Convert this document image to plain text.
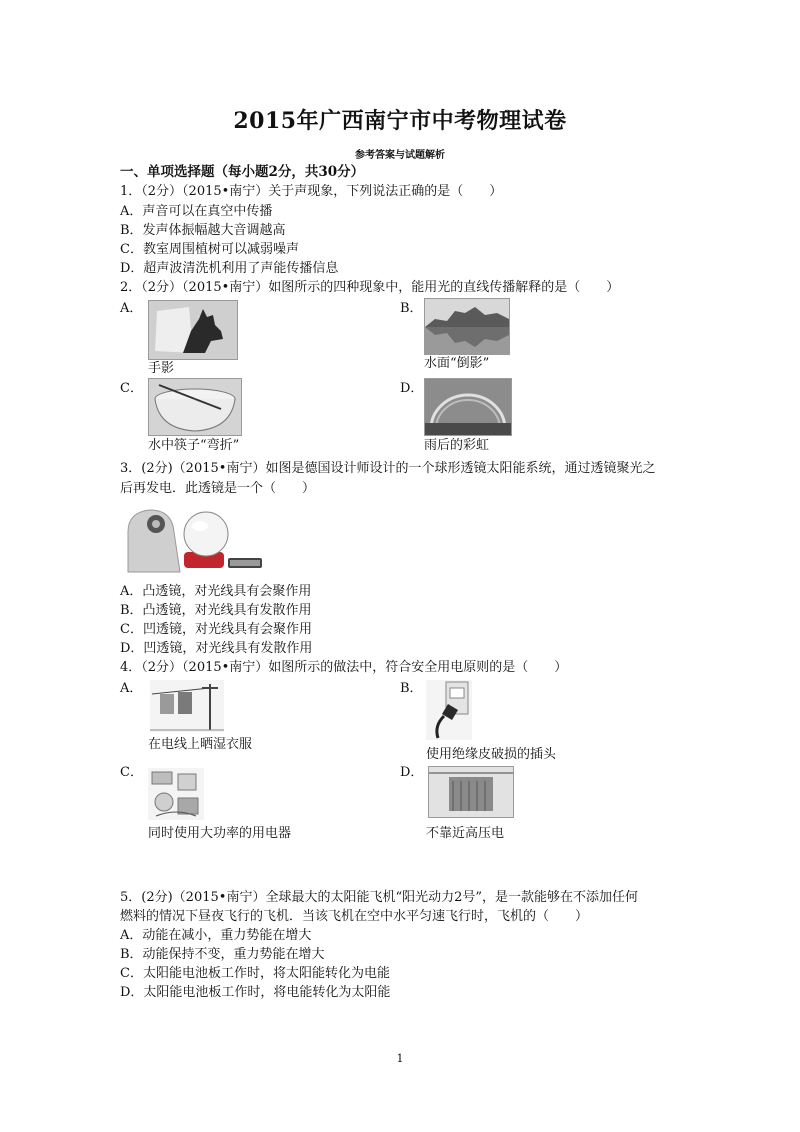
2015年广西南宁市中考物理试卷
参考答案与试题解析
一、单项选择题（每小题2分，共30分）
1．（2分）（2015•南宁）关于声现象，下列说法正确的是（　　）
A．声音可以在真空中传播
B．发声体振幅越大音调越高
C．教室周围植树可以减弱噪声
D．超声波清洗机利用了声能传播信息
2．（2分）（2015•南宁）如图所示的四种现象中，能用光的直线传播解释的是（　　）
A．
手影
B．
水面“倒影”
C．
水中筷子“弯折”
D．
雨后的彩虹
3．(2分)（2015•南宁）如图是德国设计师设计的一个球形透镜太阳能系统，通过透镜聚光之
后再发电．此透镜是一个（　　）
A．凸透镜，对光线具有会聚作用
B．凸透镜，对光线具有发散作用
C．凹透镜，对光线具有会聚作用
D．凹透镜，对光线具有发散作用
4．（2分）（2015•南宁）如图所示的做法中，符合安全用电原则的是（　　）
A．
在电线上晒湿衣服
B．
使用绝缘皮破损的插头
C．
同时使用大功率的用电器
D．
不靠近高压电
5．(2分)（2015•南宁）全球最大的太阳能飞机“阳光动力2号”，是一款能够在不添加任何
燃料的情况下昼夜飞行的飞机．当该飞机在空中水平匀速飞行时，飞机的（　　）
A．动能在减小，重力势能在增大
B．动能保持不变，重力势能在增大
C．太阳能电池板工作时，将太阳能转化为电能
D．太阳能电池板工作时，将电能转化为太阳能
1
